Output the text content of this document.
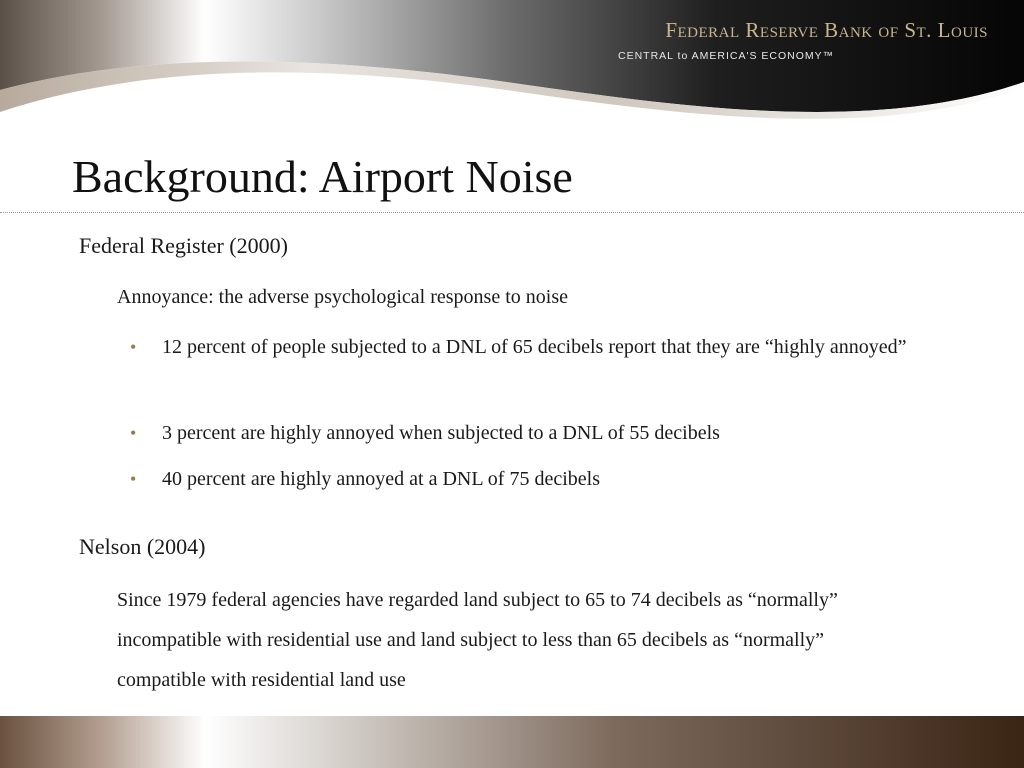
Federal Reserve Bank of St. Louis
CENTRAL to AMERICA'S ECONOMY™
Background: Airport Noise
Federal Register (2000)

Annoyance: the adverse psychological response to noise

• 12 percent of people subjected to a DNL of 65 decibels report that they are “highly annoyed”
• 3 percent are highly annoyed when subjected to a DNL of 55 decibels
• 40 percent are highly annoyed at a DNL of 75 decibels
Nelson (2004)

Since 1979 federal agencies have regarded land subject to 65 to 74 decibels as “normally” incompatible with residential use and land subject to less than 65 decibels as “normally” compatible with residential land use
